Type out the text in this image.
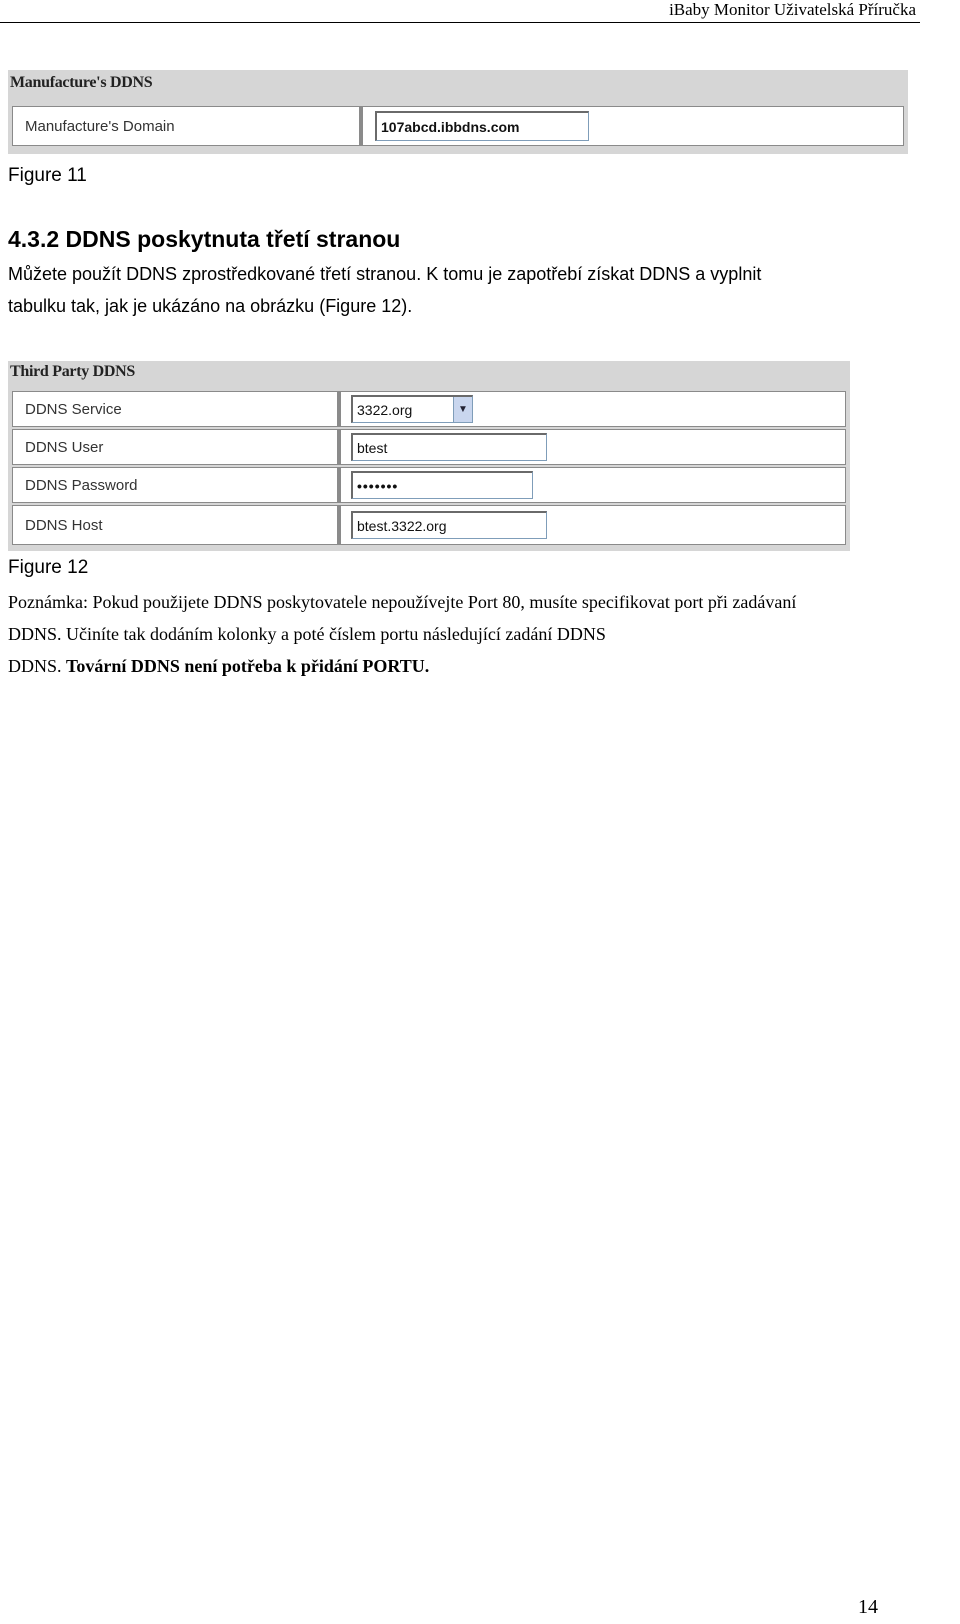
iBaby Monitor Uživatelská Příručka
Manufacture's DDNS
Manufacture's Domain	107abcd.ibbdns.com
Figure 11
4.3.2 DDNS poskytnuta třetí stranou
Můžete použít DDNS zprostředkované třetí stranou. K tomu je zapotřebí získat DDNS a vyplnit
tabulku tak, jak je ukázáno na obrázku (Figure 12).
Third Party DDNS
DDNS Service	3322.org	▼
DDNS User	btest
DDNS Password	•••••••
DDNS Host	btest.3322.org
Figure 12
Poznámka: Pokud použijete DDNS poskytovatele nepoužívejte Port 80, musíte specifikovat port při zadávaní
DDNS. Učiníte tak dodáním kolonky a poté číslem portu následující zadání DDNS
DDNS. Tovární DDNS není potřeba k přidání PORTU.
14
